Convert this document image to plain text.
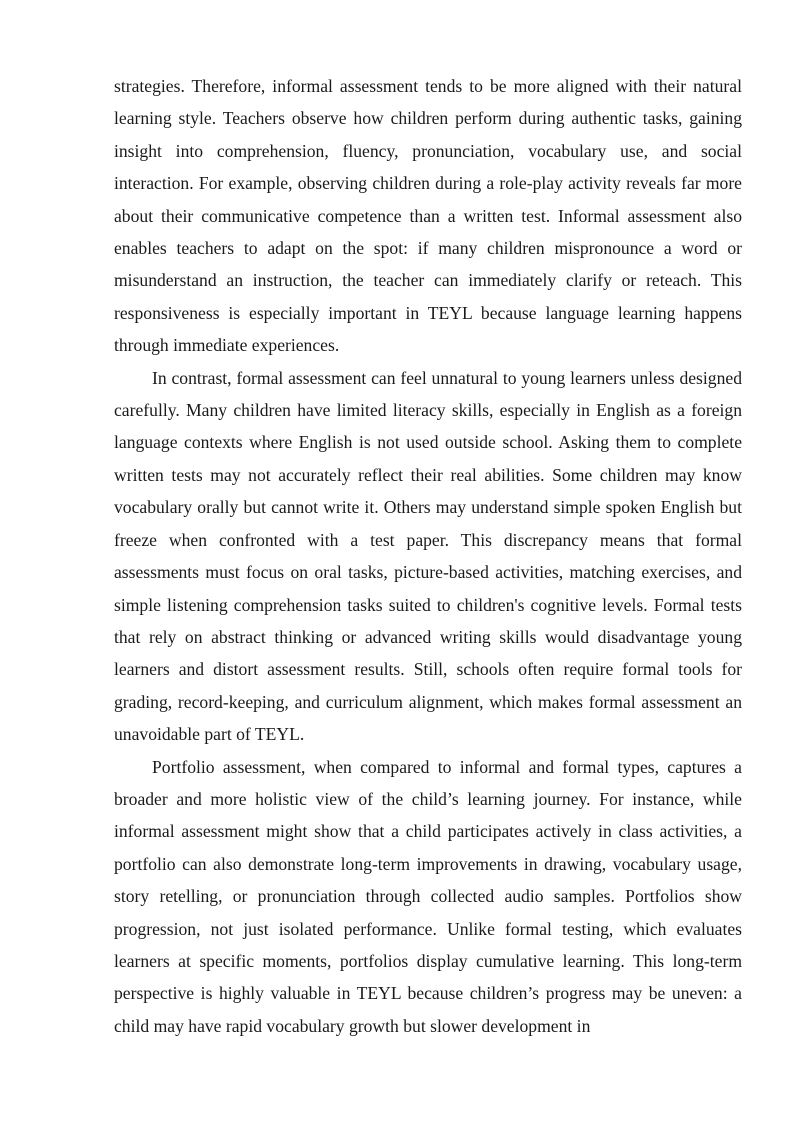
strategies. Therefore, informal assessment tends to be more aligned with their natural learning style. Teachers observe how children perform during authentic tasks, gaining insight into comprehension, fluency, pronunciation, vocabulary use, and social interaction. For example, observing children during a role-play activity reveals far more about their communicative competence than a written test. Informal assessment also enables teachers to adapt on the spot: if many children mispronounce a word or misunderstand an instruction, the teacher can immediately clarify or reteach. This responsiveness is especially important in TEYL because language learning happens through immediate experiences.

In contrast, formal assessment can feel unnatural to young learners unless designed carefully. Many children have limited literacy skills, especially in English as a foreign language contexts where English is not used outside school. Asking them to complete written tests may not accurately reflect their real abilities. Some children may know vocabulary orally but cannot write it. Others may understand simple spoken English but freeze when confronted with a test paper. This discrepancy means that formal assessments must focus on oral tasks, picture-based activities, matching exercises, and simple listening comprehension tasks suited to children's cognitive levels. Formal tests that rely on abstract thinking or advanced writing skills would disadvantage young learners and distort assessment results. Still, schools often require formal tools for grading, record-keeping, and curriculum alignment, which makes formal assessment an unavoidable part of TEYL.

Portfolio assessment, when compared to informal and formal types, captures a broader and more holistic view of the child’s learning journey. For instance, while informal assessment might show that a child participates actively in class activities, a portfolio can also demonstrate long-term improvements in drawing, vocabulary usage, story retelling, or pronunciation through collected audio samples. Portfolios show progression, not just isolated performance. Unlike formal testing, which evaluates learners at specific moments, portfolios display cumulative learning. This long-term perspective is highly valuable in TEYL because children’s progress may be uneven: a child may have rapid vocabulary growth but slower development in
